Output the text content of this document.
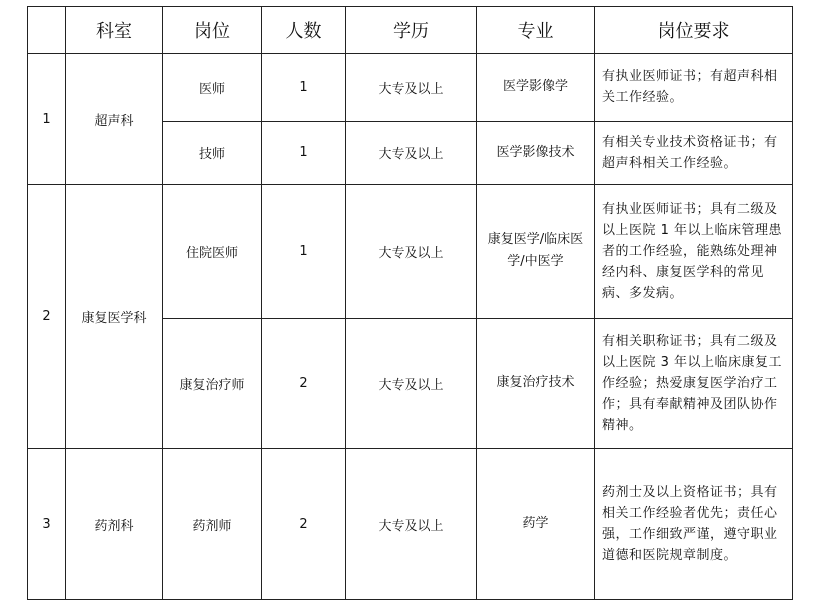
	科室	岗位	人数	学历	专业	岗位要求
1	超声科	医师	1	大专及以上	医学影像学	有执业医师证书；有超声科相关工作经验。
		技师	1	大专及以上	医学影像技术	有相关专业技术资格证书；有超声科相关工作经验。
2	康复医学科	住院医师	1	大专及以上	康复医学/临床医学/中医学	有执业医师证书；具有二级及以上医院 1 年以上临床管理患者的工作经验，能熟练处理神经内科、康复医学科的常见病、多发病。
		康复治疗师	2	大专及以上	康复治疗技术	有相关职称证书；具有二级及以上医院 3 年以上临床康复工作经验；热爱康复医学治疗工作；具有奉献精神及团队协作精神。
3	药剂科	药剂师	2	大专及以上	药学	药剂士及以上资格证书；具有相关工作经验者优先；责任心强，工作细致严谨，遵守职业道德和医院规章制度。
